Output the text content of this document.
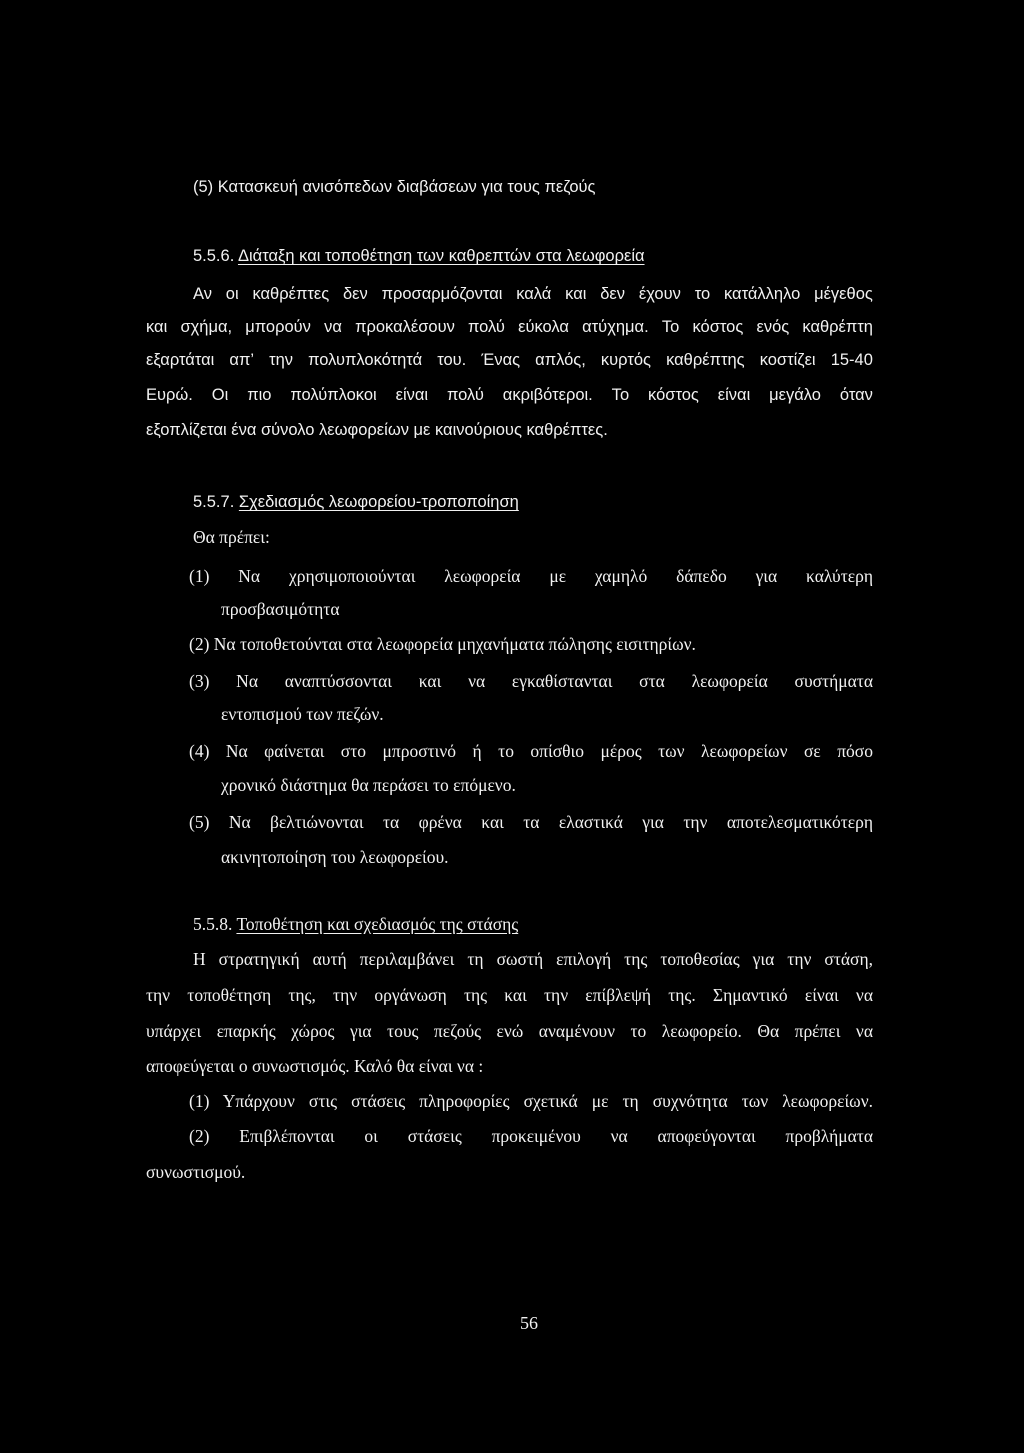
(5) Κατασκευή ανισόπεδων διαβάσεων για τους πεζούς
5.5.6. Διάταξη και τοποθέτηση των καθρεπτών στα λεωφορεία
Αν οι καθρέπτες δεν προσαρμόζονται καλά και δεν έχουν το κατάλληλο μέγεθος
και σχήμα, μπορούν να προκαλέσουν πολύ εύκολα ατύχημα. Το κόστος ενός καθρέπτη
εξαρτάται απ’ την πολυπλοκότητά του. Ένας απλός, κυρτός καθρέπτης κοστίζει 15-40
Ευρώ. Οι πιο πολύπλοκοι είναι πολύ ακριβότεροι. Το κόστος είναι μεγάλο όταν
εξοπλίζεται ένα σύνολο λεωφορείων με καινούριους καθρέπτες.
5.5.7. Σχεδιασμός λεωφορείου-τροποποίηση
Θα πρέπει:
(1) Να χρησιμοποιούνται λεωφορεία με χαμηλό δάπεδο για καλύτερη
προσβασιμότητα
(2) Να τοποθετούνται στα λεωφορεία μηχανήματα πώλησης εισιτηρίων.
(3) Να αναπτύσσονται και να εγκαθίστανται στα λεωφορεία συστήματα
εντοπισμού των πεζών.
(4) Να φαίνεται στο μπροστινό ή το οπίσθιο μέρος των λεωφορείων σε πόσο
χρονικό διάστημα θα περάσει το επόμενο.
(5) Να βελτιώνονται τα φρένα και τα ελαστικά για την αποτελεσματικότερη
ακινητοποίηση του λεωφορείου.
5.5.8. Τοποθέτηση και σχεδιασμός της στάσης
Η στρατηγική αυτή περιλαμβάνει τη σωστή επιλογή της τοποθεσίας για την στάση,
την τοποθέτηση της, την οργάνωση της και την επίβλεψή της. Σημαντικό είναι να
υπάρχει επαρκής χώρος για τους πεζούς ενώ αναμένουν το λεωφορείο. Θα πρέπει να
αποφεύγεται ο συνωστισμός. Καλό θα είναι να :
(1) Υπάρχουν στις στάσεις πληροφορίες σχετικά με τη συχνότητα των λεωφορείων.
(2) Επιβλέπονται οι στάσεις προκειμένου να αποφεύγονται προβλήματα
συνωστισμού.
56
